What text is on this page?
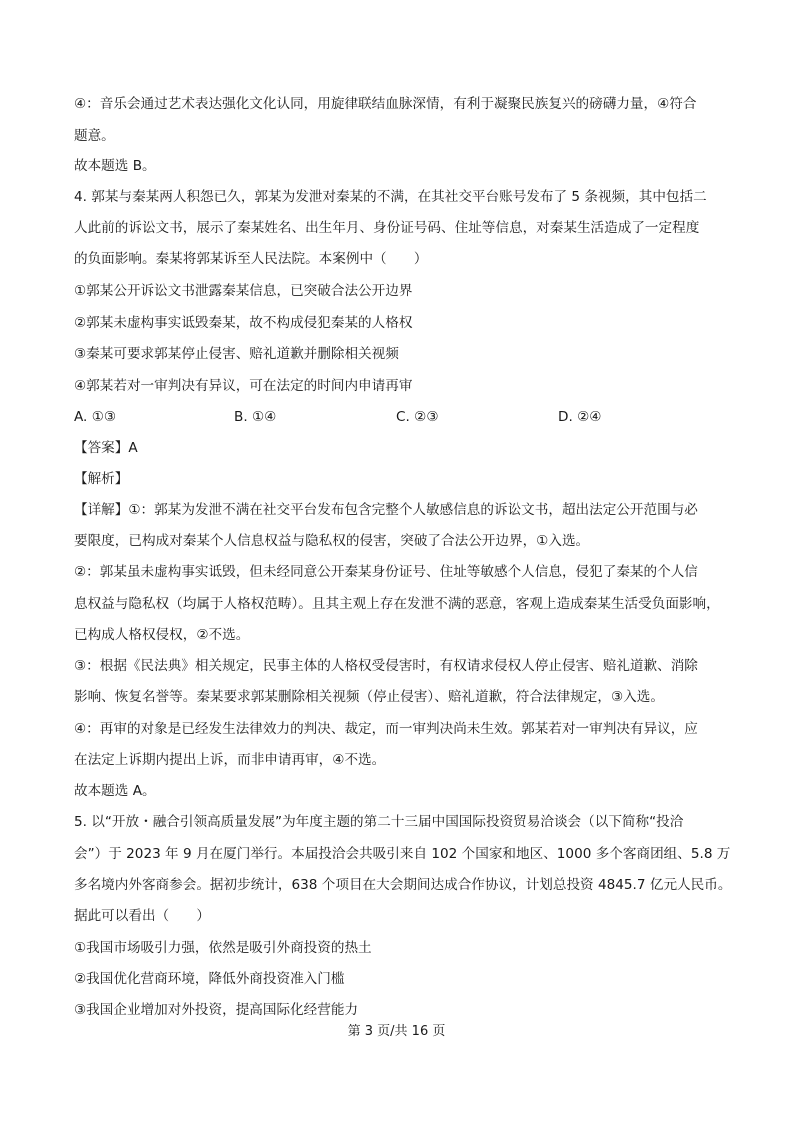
④：音乐会通过艺术表达强化文化认同，用旋律联结血脉深情，有利于凝聚民族复兴的磅礴力量，④符合
题意。
故本题选 B。
4. 郭某与秦某两人积怨已久，郭某为发泄对秦某的不满，在其社交平台账号发布了 5 条视频，其中包括二
人此前的诉讼文书，展示了秦某姓名、出生年月、身份证号码、住址等信息，对秦某生活造成了一定程度
的负面影响。秦某将郭某诉至人民法院。本案例中（　　）
①郭某公开诉讼文书泄露秦某信息，已突破合法公开边界
②郭某未虚构事实诋毁秦某，故不构成侵犯秦某的人格权
③秦某可要求郭某停止侵害、赔礼道歉并删除相关视频
④郭某若对一审判决有异议，可在法定的时间内申请再审
A. ①③	B. ①④	C. ②③	D. ②④
【答案】A
【解析】
【详解】①：郭某为发泄不满在社交平台发布包含完整个人敏感信息的诉讼文书，超出法定公开范围与必
要限度，已构成对秦某个人信息权益与隐私权的侵害，突破了合法公开边界，①入选。
②：郭某虽未虚构事实诋毁，但未经同意公开秦某身份证号、住址等敏感个人信息，侵犯了秦某的个人信
息权益与隐私权（均属于人格权范畴）。且其主观上存在发泄不满的恶意，客观上造成秦某生活受负面影响，
已构成人格权侵权，②不选。
③：根据《民法典》相关规定，民事主体的人格权受侵害时，有权请求侵权人停止侵害、赔礼道歉、消除
影响、恢复名誉等。秦某要求郭某删除相关视频（停止侵害）、赔礼道歉，符合法律规定，③入选。
④：再审的对象是已经发生法律效力的判决、裁定，而一审判决尚未生效。郭某若对一审判决有异议，应
在法定上诉期内提出上诉，而非申请再审，④不选。
故本题选 A。
5. 以“开放・融合引领高质量发展”为年度主题的第二十三届中国国际投资贸易洽谈会（以下简称“投洽
会”）于 2023 年 9 月在厦门举行。本届投洽会共吸引来自 102 个国家和地区、1000 多个客商团组、5.8 万
多名境内外客商参会。据初步统计，638 个项目在大会期间达成合作协议，计划总投资 4845.7 亿元人民币。
据此可以看出（　　）
①我国市场吸引力强，依然是吸引外商投资的热土
②我国优化营商环境，降低外商投资准入门槛
③我国企业增加对外投资，提高国际化经营能力
第 3 页/共 16 页
